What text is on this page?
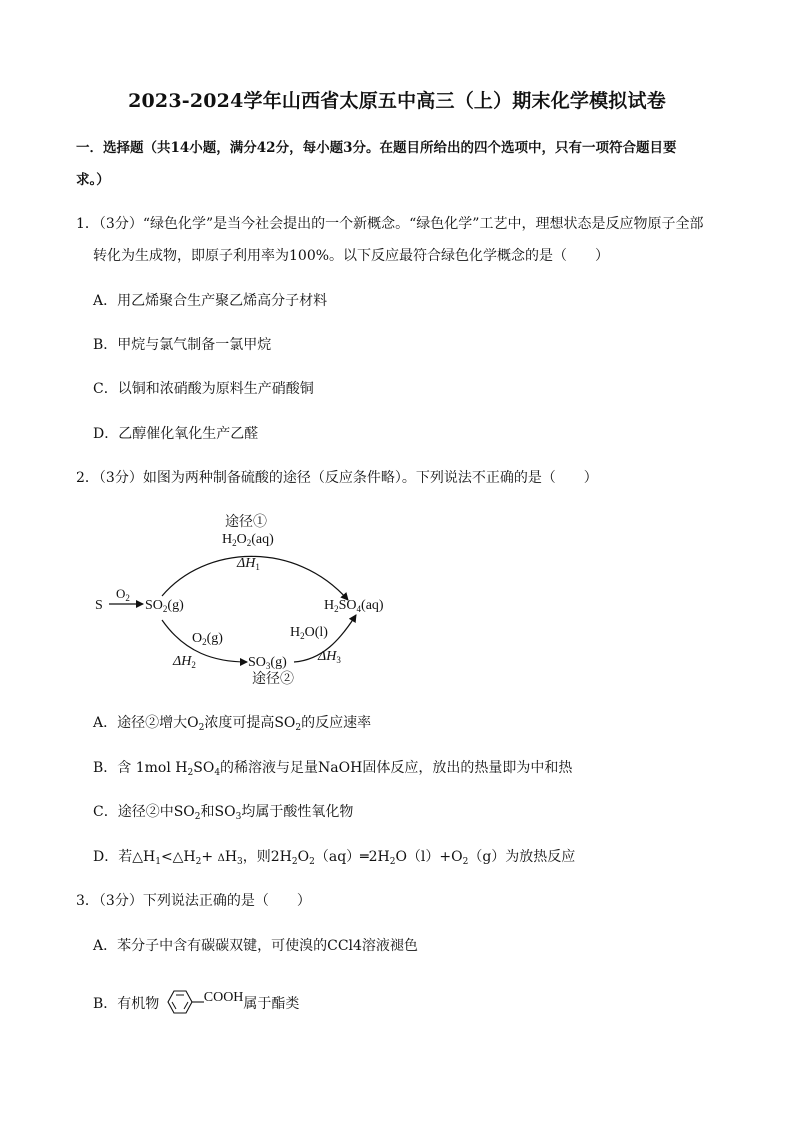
2023-2024学年山西省太原五中高三（上）期末化学模拟试卷
一．选择题（共14小题，满分42分，每小题3分。在题目所给出的四个选项中，只有一项符合题目要
求。）
1．（3分）“绿色化学”是当今社会提出的一个新概念。“绿色化学”工艺中，理想状态是反应物原子全部
转化为生成物，即原子利用率为100%。以下反应最符合绿色化学概念的是（　　）
A．用乙烯聚合生产聚乙烯高分子材料
B．甲烷与氯气制备一氯甲烷
C．以铜和浓硝酸为原料生产硝酸铜
D．乙醇催化氧化生产乙醛
2．（3分）如图为两种制备硫酸的途径（反应条件略）。下列说法不正确的是（　　）
途径①
$H_2O_2(aq)$
$\Delta H_1$
S
$O_2$ $SO_2(g)$	$H_2SO_4(aq)$
$O_2(g)$
$\Delta H_2$
$H_2O(l)$
$\Delta H_3$
$SO_3(g)$
途径②
A．途径②增大$O_2$浓度可提高$SO_2$的反应速率
B．含 1mol $H_2SO_4$的稀溶液与足量NaOH固体反应，放出的热量即为中和热
C．途径②中$SO_2$和$SO_3$均属于酸性氧化物
D．若$\triangle H_1<\triangle H_2+ \Delta H_3$，则$2H_2O_2(aq)═2H_2O(l)+O_2(g)$为放热反应
3．（3分）下列说法正确的是（　　）
A．苯分子中含有碳碳双键，可使溴的CCl4溶液褪色
B．有机物	COOH属于酯类
